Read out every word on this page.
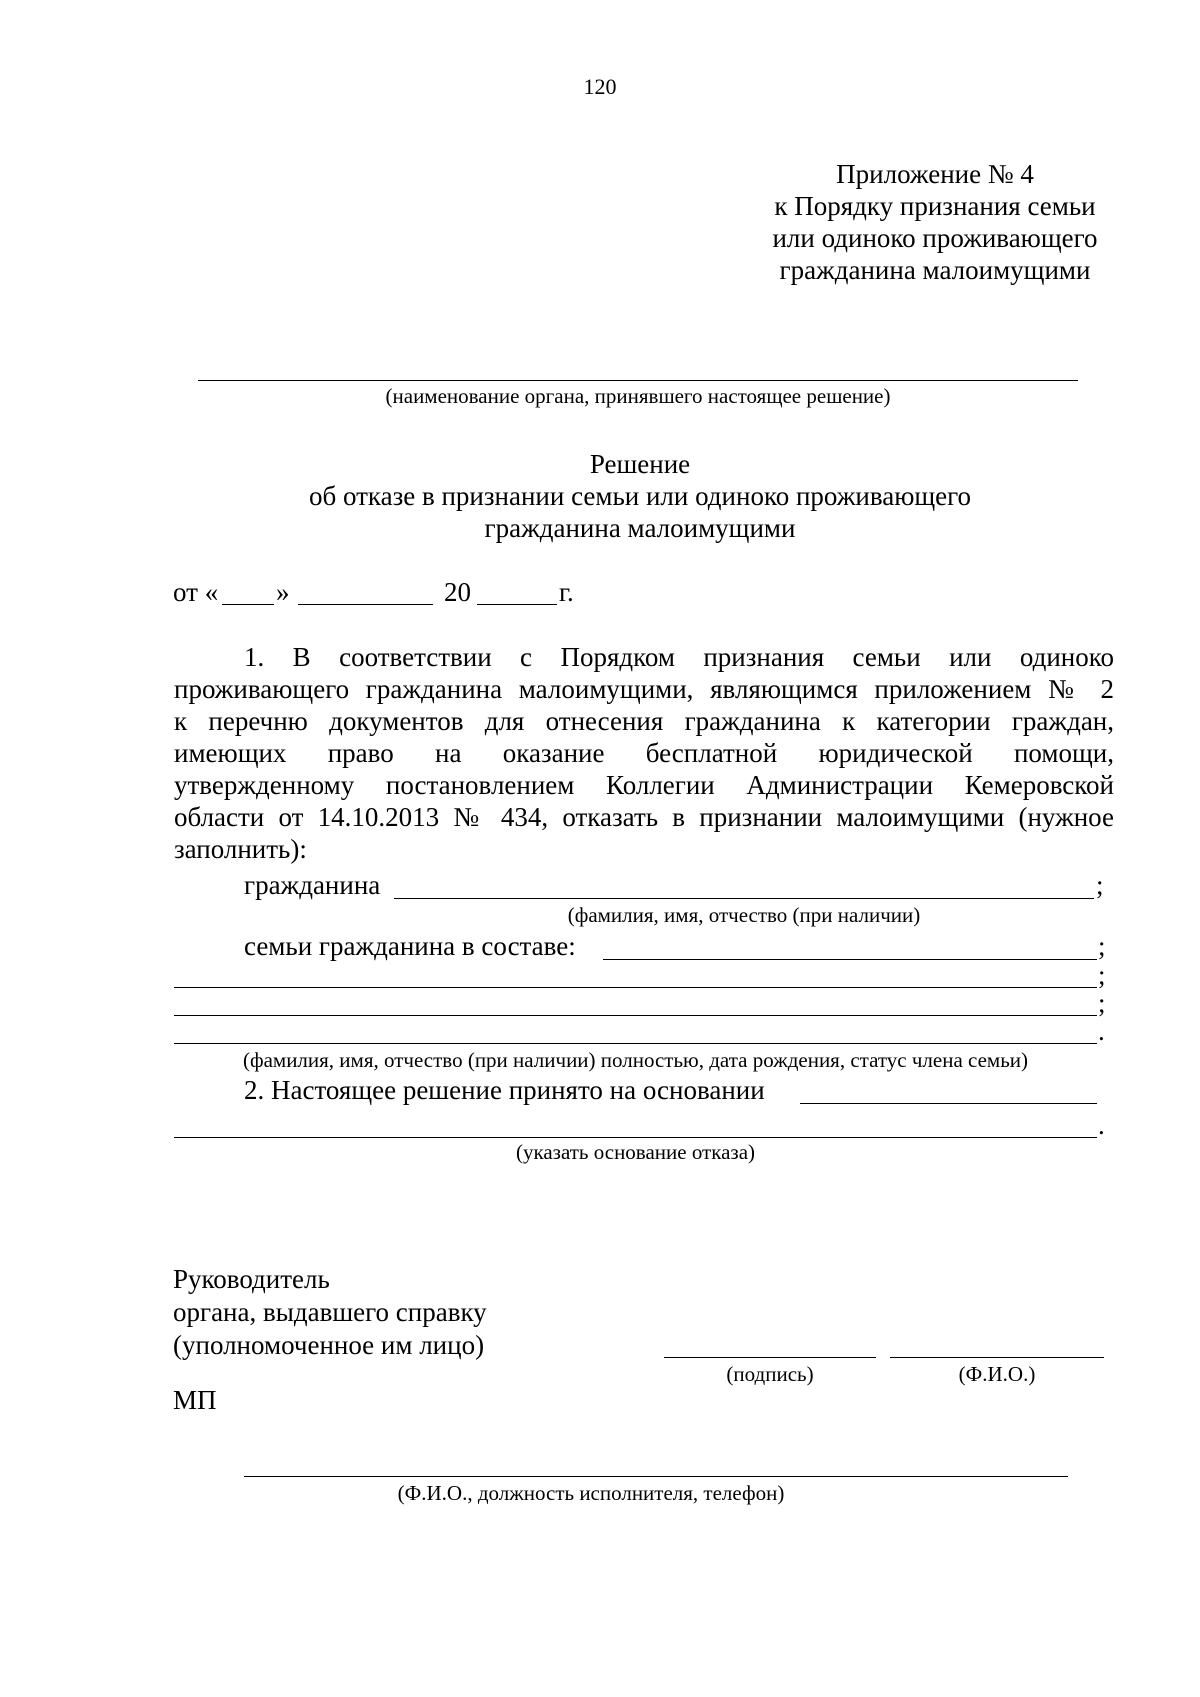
120
Приложение № 4
к Порядку признания семьи
или одиноко проживающего
гражданина малоимущими
(наименование органа, принявшего настоящее решение)
Решение
об отказе в признании семьи или одиноко проживающего
гражданина малоимущими
от « »	20	г.
1. В соответствии с Порядком признания семьи или одиноко
проживающего гражданина малоимущими, являющимся приложением № 2
к перечню документов для отнесения гражданина к категории граждан,
имеющих право на оказание бесплатной юридической помощи,
утвержденному постановлением Коллегии Администрации Кемеровской
области от 14.10.2013 № 434, отказать в признании малоимущими (нужное
заполнить):
гражданина	;
(фамилия, имя, отчество (при наличии)
семьи гражданина в составе:	;
;
;
.
(фамилия, имя, отчество (при наличии) полностью, дата рождения, статус члена семьи)
2. Настоящее решение принято на основании
.
(указать основание отказа)
Руководитель
органа, выдавшего справку
(уполномоченное им лицо)
(подпись)	(Ф.И.О.)
МП
(Ф.И.О., должность исполнителя, телефон)
